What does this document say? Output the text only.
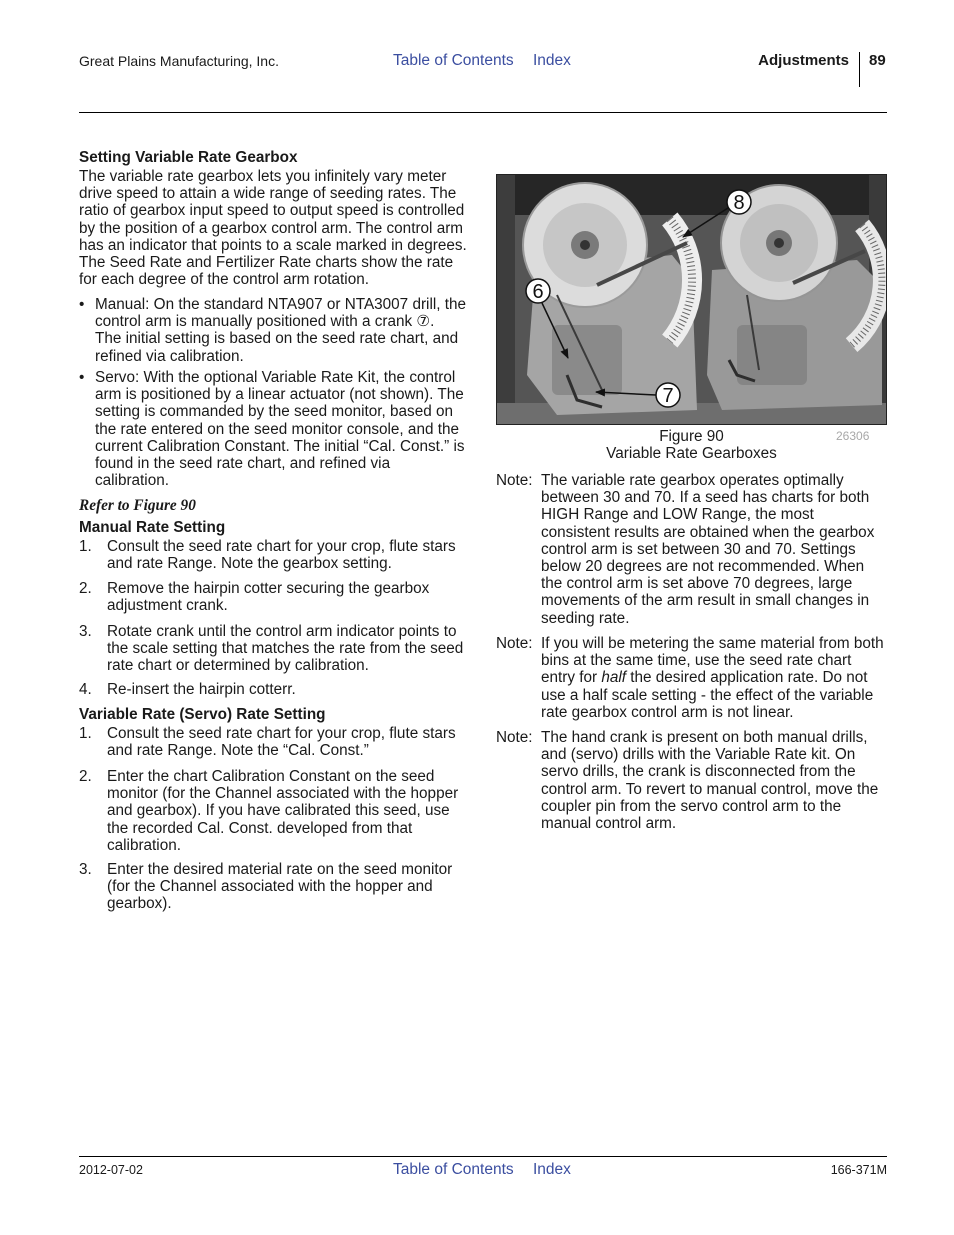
Great Plains Manufacturing, Inc.	Table of Contents Index	Adjustments 89
Setting Variable Rate Gearbox
The variable rate gearbox lets you infinitely vary meter
drive speed to attain a wide range of seeding rates. The
ratio of gearbox input speed to output speed is controlled
by the position of a gearbox control arm. The control arm
has an indicator that points to a scale marked in degrees.
The Seed Rate and Fertilizer Rate charts show the rate
for each degree of the control arm rotation.
• Manual: On the standard NTA907 or NTA3007 drill, the
control arm is manually positioned with a crank ⑦.
The initial setting is based on the seed rate chart, and
refined via calibration.
• Servo: With the optional Variable Rate Kit, the control
arm is positioned by a linear actuator (not shown). The
setting is commanded by the seed monitor, based on
the rate entered on the seed monitor console, and the
current Calibration Constant. The initial “Cal. Const.” is
found in the seed rate chart, and refined via
calibration.
Refer to Figure 90
Manual Rate Setting
1. Consult the seed rate chart for your crop, flute stars
and rate Range. Note the gearbox setting.
2. Remove the hairpin cotter securing the gearbox
adjustment crank.
3. Rotate crank until the control arm indicator points to
the scale setting that matches the rate from the seed
rate chart or determined by calibration.
4. Re-insert the hairpin cotterr.
Variable Rate (Servo) Rate Setting
1. Consult the seed rate chart for your crop, flute stars
and rate Range. Note the “Cal. Const.”
2. Enter the chart Calibration Constant on the seed
monitor (for the Channel associated with the hopper
and gearbox). If you have calibrated this seed, use
the recorded Cal. Const. developed from that
calibration.
3. Enter the desired material rate on the seed monitor
(for the Channel associated with the hopper and
gearbox).
8
6
7
Figure 90	26306
Variable Rate Gearboxes
Note: The variable rate gearbox operates optimally
between 30 and 70. If a seed has charts for both
HIGH Range and LOW Range, the most
consistent results are obtained when the gearbox
control arm is set between 30 and 70. Settings
below 20 degrees are not recommended. When
the control arm is set above 70 degrees, large
movements of the arm result in small changes in
seeding rate.
Note: If you will be metering the same material from both
bins at the same time, use the seed rate chart
entry for half the desired application rate. Do not
use a half scale setting - the effect of the variable
rate gearbox control arm is not linear.
Note: The hand crank is present on both manual drills,
and (servo) drills with the Variable Rate kit. On
servo drills, the crank is disconnected from the
control arm. To revert to manual control, move the
coupler pin from the servo control arm to the
manual control arm.
2012-07-02	Table of Contents Index	166-371M
